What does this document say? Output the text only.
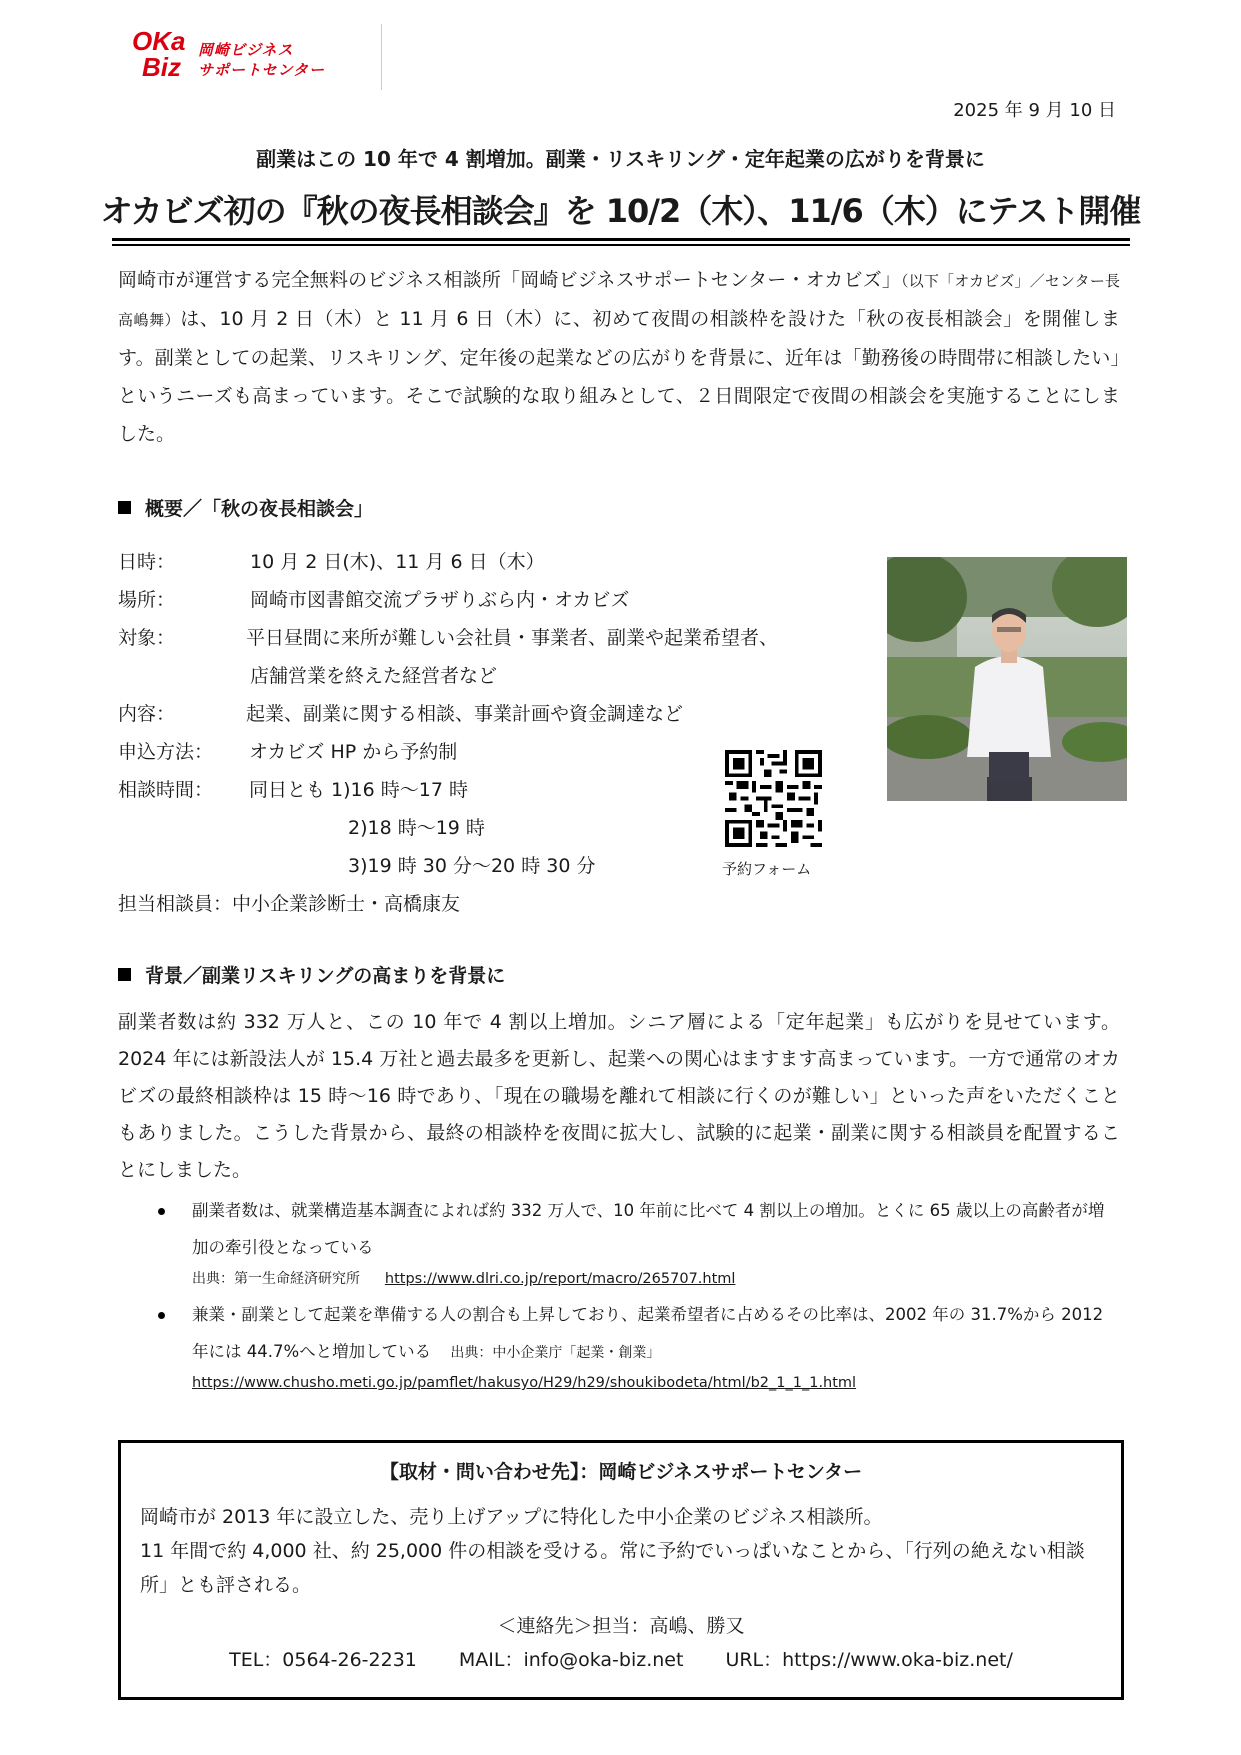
OKa
Biz
岡崎ビジネス
サポートセンター
2025 年 9 月 10 日
副業はこの 10 年で 4 割増加。副業・リスキリング・定年起業の広がりを背景に
オカビズ初の『秋の夜長相談会』を 10/2（木）、11/6（木）にテスト開催
岡崎市が運営する完全無料のビジネス相談所「岡崎ビジネスサポートセンター・オカビズ」（以下「オカビズ」／センター長 高嶋舞）は、10 月 2 日（木）と 11 月 6 日（木）に、初めて夜間の相談枠を設けた「秋の夜長相談会」を開催します。副業としての起業、リスキリング、定年後の起業などの広がりを背景に、近年は「勤務後の時間帯に相談したい」というニーズも高まっています。そこで試験的な取り組みとして、２日間限定で夜間の相談会を実施することにしました。
概要／「秋の夜長相談会」
日時：	10 月 2 日(木)、11 月 6 日（木）
場所：	岡崎市図書館交流プラザりぶら内・オカビズ
対象：	平日昼間に来所が難しい会社員・事業者、副業や起業希望者、
店舗営業を終えた経営者など
内容：	起業、副業に関する相談、事業計画や資金調達など
申込方法： オカビズ HP から予約制
相談時間： 同日とも 1)16 時～17 時
2)18 時～19 時
3)19 時 30 分～20 時 30 分
担当相談員：中小企業診断士・高橋康友
予約フォーム
背景／副業リスキリングの高まりを背景に
副業者数は約 332 万人と、この 10 年で 4 割以上増加。シニア層による「定年起業」も広がりを見せています。2024 年には新設法人が 15.4 万社と過去最多を更新し、起業への関心はますます高まっています。一方で通常のオカビズの最終相談枠は 15 時～16 時であり、「現在の職場を離れて相談に行くのが難しい」といった声をいただくこともありました。こうした背景から、最終の相談枠を夜間に拡大し、試験的に起業・副業に関する相談員を配置することにしました。
副業者数は、就業構造基本調査によれば約 332 万人で、10 年前に比べて 4 割以上の増加。とくに 65 歳以上の高齢者が増加の牽引役となっている
出典：第一生命経済研究所 https://www.dlri.co.jp/report/macro/265707.html
兼業・副業として起業を準備する人の割合も上昇しており、起業希望者に占めるその比率は、2002 年の 31.7%から 2012 年には 44.7%へと増加している 出典：中小企業庁「起業・創業」
https://www.chusho.meti.go.jp/pamflet/hakusyo/H29/h29/shoukibodeta/html/b2_1_1_1.html
【取材・問い合わせ先】：岡崎ビジネスサポートセンター
岡崎市が 2013 年に設立した、売り上げアップに特化した中小企業のビジネス相談所。
11 年間で約 4,000 社、約 25,000 件の相談を受ける。常に予約でいっぱいなことから、「行列の絶えない相談所」とも評される。
＜連絡先＞担当：高嶋、勝又
TEL：0564-26-2231 MAIL：info@oka-biz.net URL：https://www.oka-biz.net/
